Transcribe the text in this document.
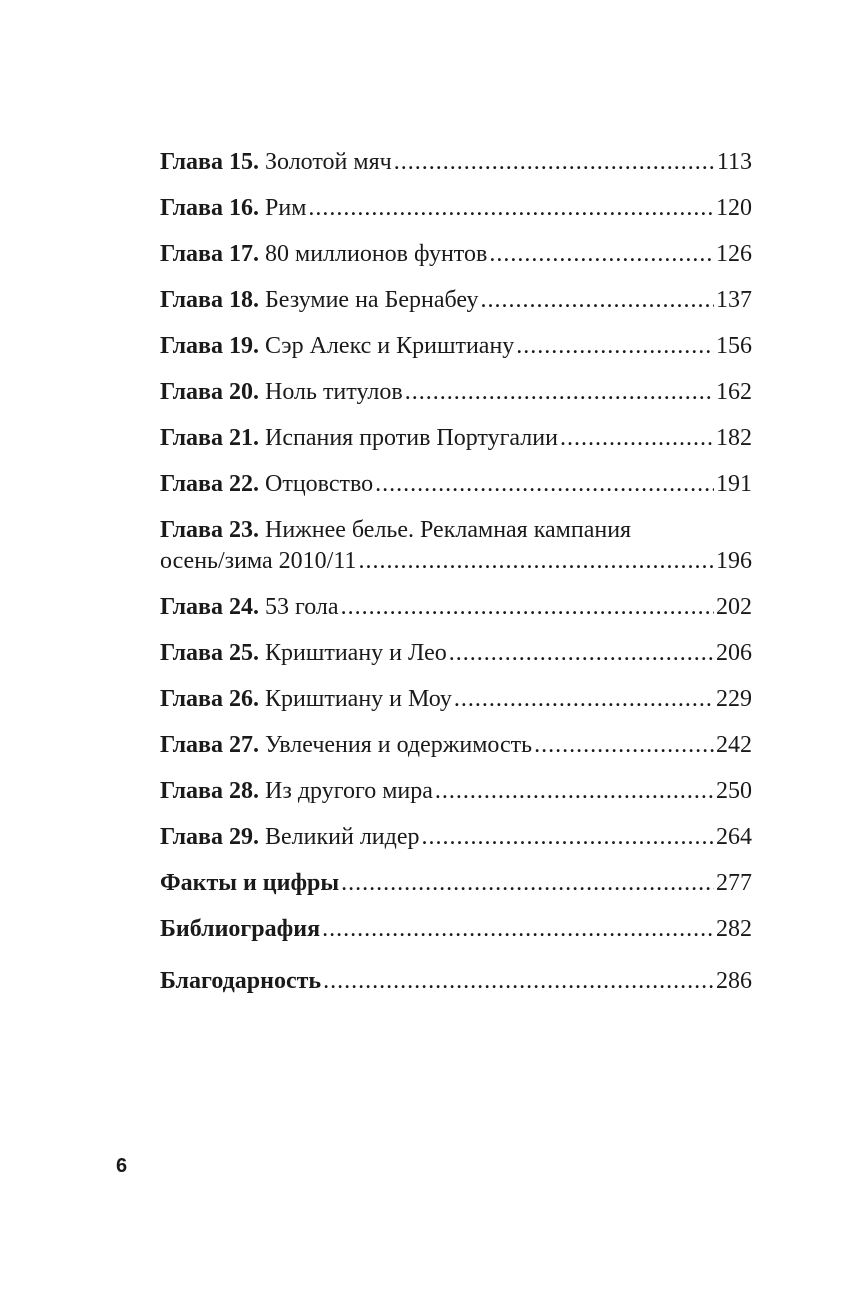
Глава 15. Золотой мяч .....	113
Глава 16. Рим .....	120
Глава 17. 80 миллионов фунтов .....	126
Глава 18. Безумие на Бернабеу .....	137
Глава 19. Сэр Алекс и Криштиану .....	156
Глава 20. Ноль титулов .....	162
Глава 21. Испания против Португалии .....	182
Глава 22. Отцовство .....	191
Глава 23. Нижнее белье. Рекламная кампания
осень/зима 2010/11 .....	196
Глава 24. 53 гола .....	202
Глава 25. Криштиану и Лео .....	206
Глава 26. Криштиану и Моу .....	229
Глава 27. Увлечения и одержимость .....	242
Глава 28. Из другого мира .....	250
Глава 29. Великий лидер .....	264
Факты и цифры .....	277
Библиография .....	282
Благодарность .....	286
6
